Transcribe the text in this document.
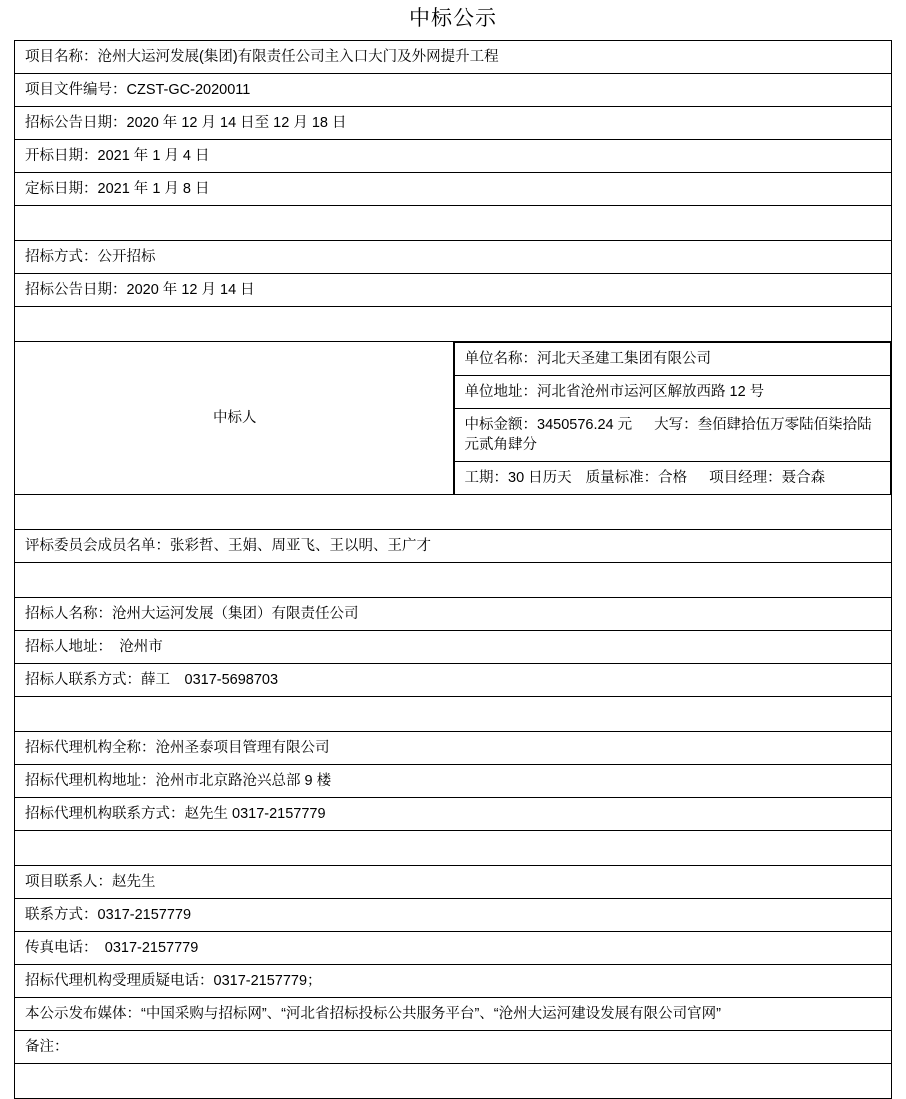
中标公示
项目名称：沧州大运河发展(集团)有限责任公司主入口大门及外网提升工程
项目文件编号：CZST-GC-2020011
招标公告日期：2020 年 12 月 14 日至 12 月 18 日
开标日期：2021 年 1 月 4 日
定标日期：2021 年 1 月 8 日

招标方式：公开招标
招标公告日期：2020 年 12 月 14 日

中标人	
单位名称：河北天圣建工集团有限公司
单位地址：河北省沧州市运河区解放西路 12 号
中标金额：3450576.24 元 大写：叁佰肆拾伍万零陆佰柒拾陆元贰角肆分
工期：30 日历天 质量标准：合格 项目经理：聂合森

评标委员会成员名单：张彩哲、王娟、周亚飞、王以明、王广才

招标人名称：沧州大运河发展（集团）有限责任公司
招标人地址：　沧州市
招标人联系方式：薛工　0317-5698703

招标代理机构全称：沧州圣泰项目管理有限公司
招标代理机构地址：沧州市北京路沧兴总部 9 楼
招标代理机构联系方式：赵先生 0317-2157779

项目联系人：赵先生
联系方式：0317-2157779
传真电话：　0317-2157779
招标代理机构受理质疑电话：0317-2157779；
本公示发布媒体：“中国采购与招标网”、“河北省招标投标公共服务平台”、“沧州大运河建设发展有限公司官网”
备注：
